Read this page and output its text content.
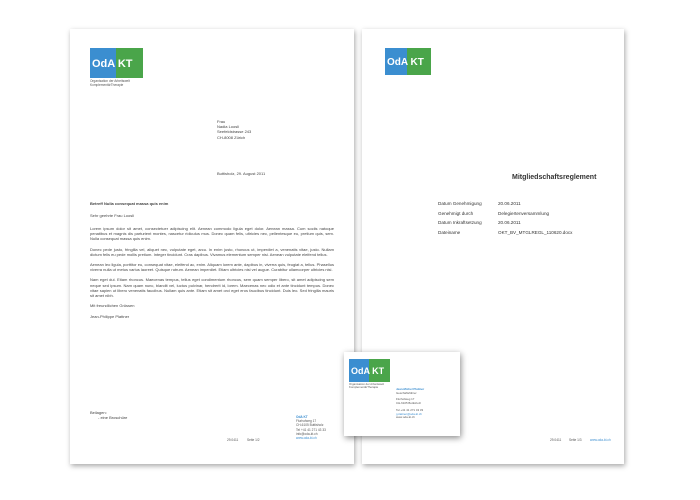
OdA KT
Organisation der Arbeitswelt
KomplementärTherapie
Frau
Nadia Loosli
Seefeldstrasse 243
CH-8008 Zürich
Buttisholz, 29. August 2011
Betreff Nulla consequat massa quis enim
Sehr geehrte Frau Loosli
Lorem ipsum dolor sit amet, consectetuer adipiscing elit. Aenean commodo ligula eget dolor. Aenean massa. Cum sociis natoque penatibus et magnis dis parturient montes, nascetur ridiculus mus. Donec quam felis, ultricies nec, pellentesque eu, pretium quis, sem. Nulla consequat massa quis enim.
Donec pede justo, fringilla vel, aliquet nec, vulputate eget, arcu. In enim justo, rhoncus ut, imperdiet a, venenatis vitae, justo. Nullam dictum felis eu pede mollis pretium. Integer tincidunt. Cras dapibus. Vivamus elementum semper nisi. Aenean vulputate eleifend tellus.
Aenean leo ligula, porttitor eu, consequat vitae, eleifend ac, enim. Aliquam lorem ante, dapibus in, viverra quis, feugiat a, tellus. Phasellus viverra nulla ut metus varius laoreet. Quisque rutrum. Aenean imperdiet. Etiam ultricies nisi vel augue. Curabitur ullamcorper ultricies nisi.
Nam eget dui. Etiam rhoncus. Maecenas tempus, tellus eget condimentum rhoncus, sem quam semper libero, sit amet adipiscing sem neque sed ipsum. Nam quam nunc, blandit vel, luctus pulvinar, hendrerit id, lorem. Maecenas nec odio et ante tincidunt tempus. Donec vitae sapien ut libero venenatis faucibus. Nullam quis ante. Etiam sit amet orci eget eros faucibus tincidunt. Duis leo. Sed fringilla mauris sit amet nibh.
Mit freundlichen Grüssen
Jean-Philippe Plattner
Beilagen:
- eine Broschüre
29.0411	Seite 1/2
OdA KT
Flurhofweg 17
CH-6105 Buttisholz
Tel +41 41 271 43 33
info@oda-kt.ch
www.oda-kt.ch
OdA KT
Mitgliedschaftsreglement
Datum Genehmigung	20.06.2011
Genehmigt durch	Delegiertenversammlung
Datum Inkraftsetzung	20.06.2011
Dateiname	OKT_BV_MTGLREGL_110620.docx
29.0411 Seite 1/3	www.oda-kt.ch
OdA KT
Organisation der Arbeitswelt
KomplementärTherapie	Jean-Michel Plattner
Geschäftsführer
Flurhofweg 17
CH-6105 Buttisholz
Tel +41 41 271 43 33
j.plattner@oda-kt.ch
www.oda-kt.ch
